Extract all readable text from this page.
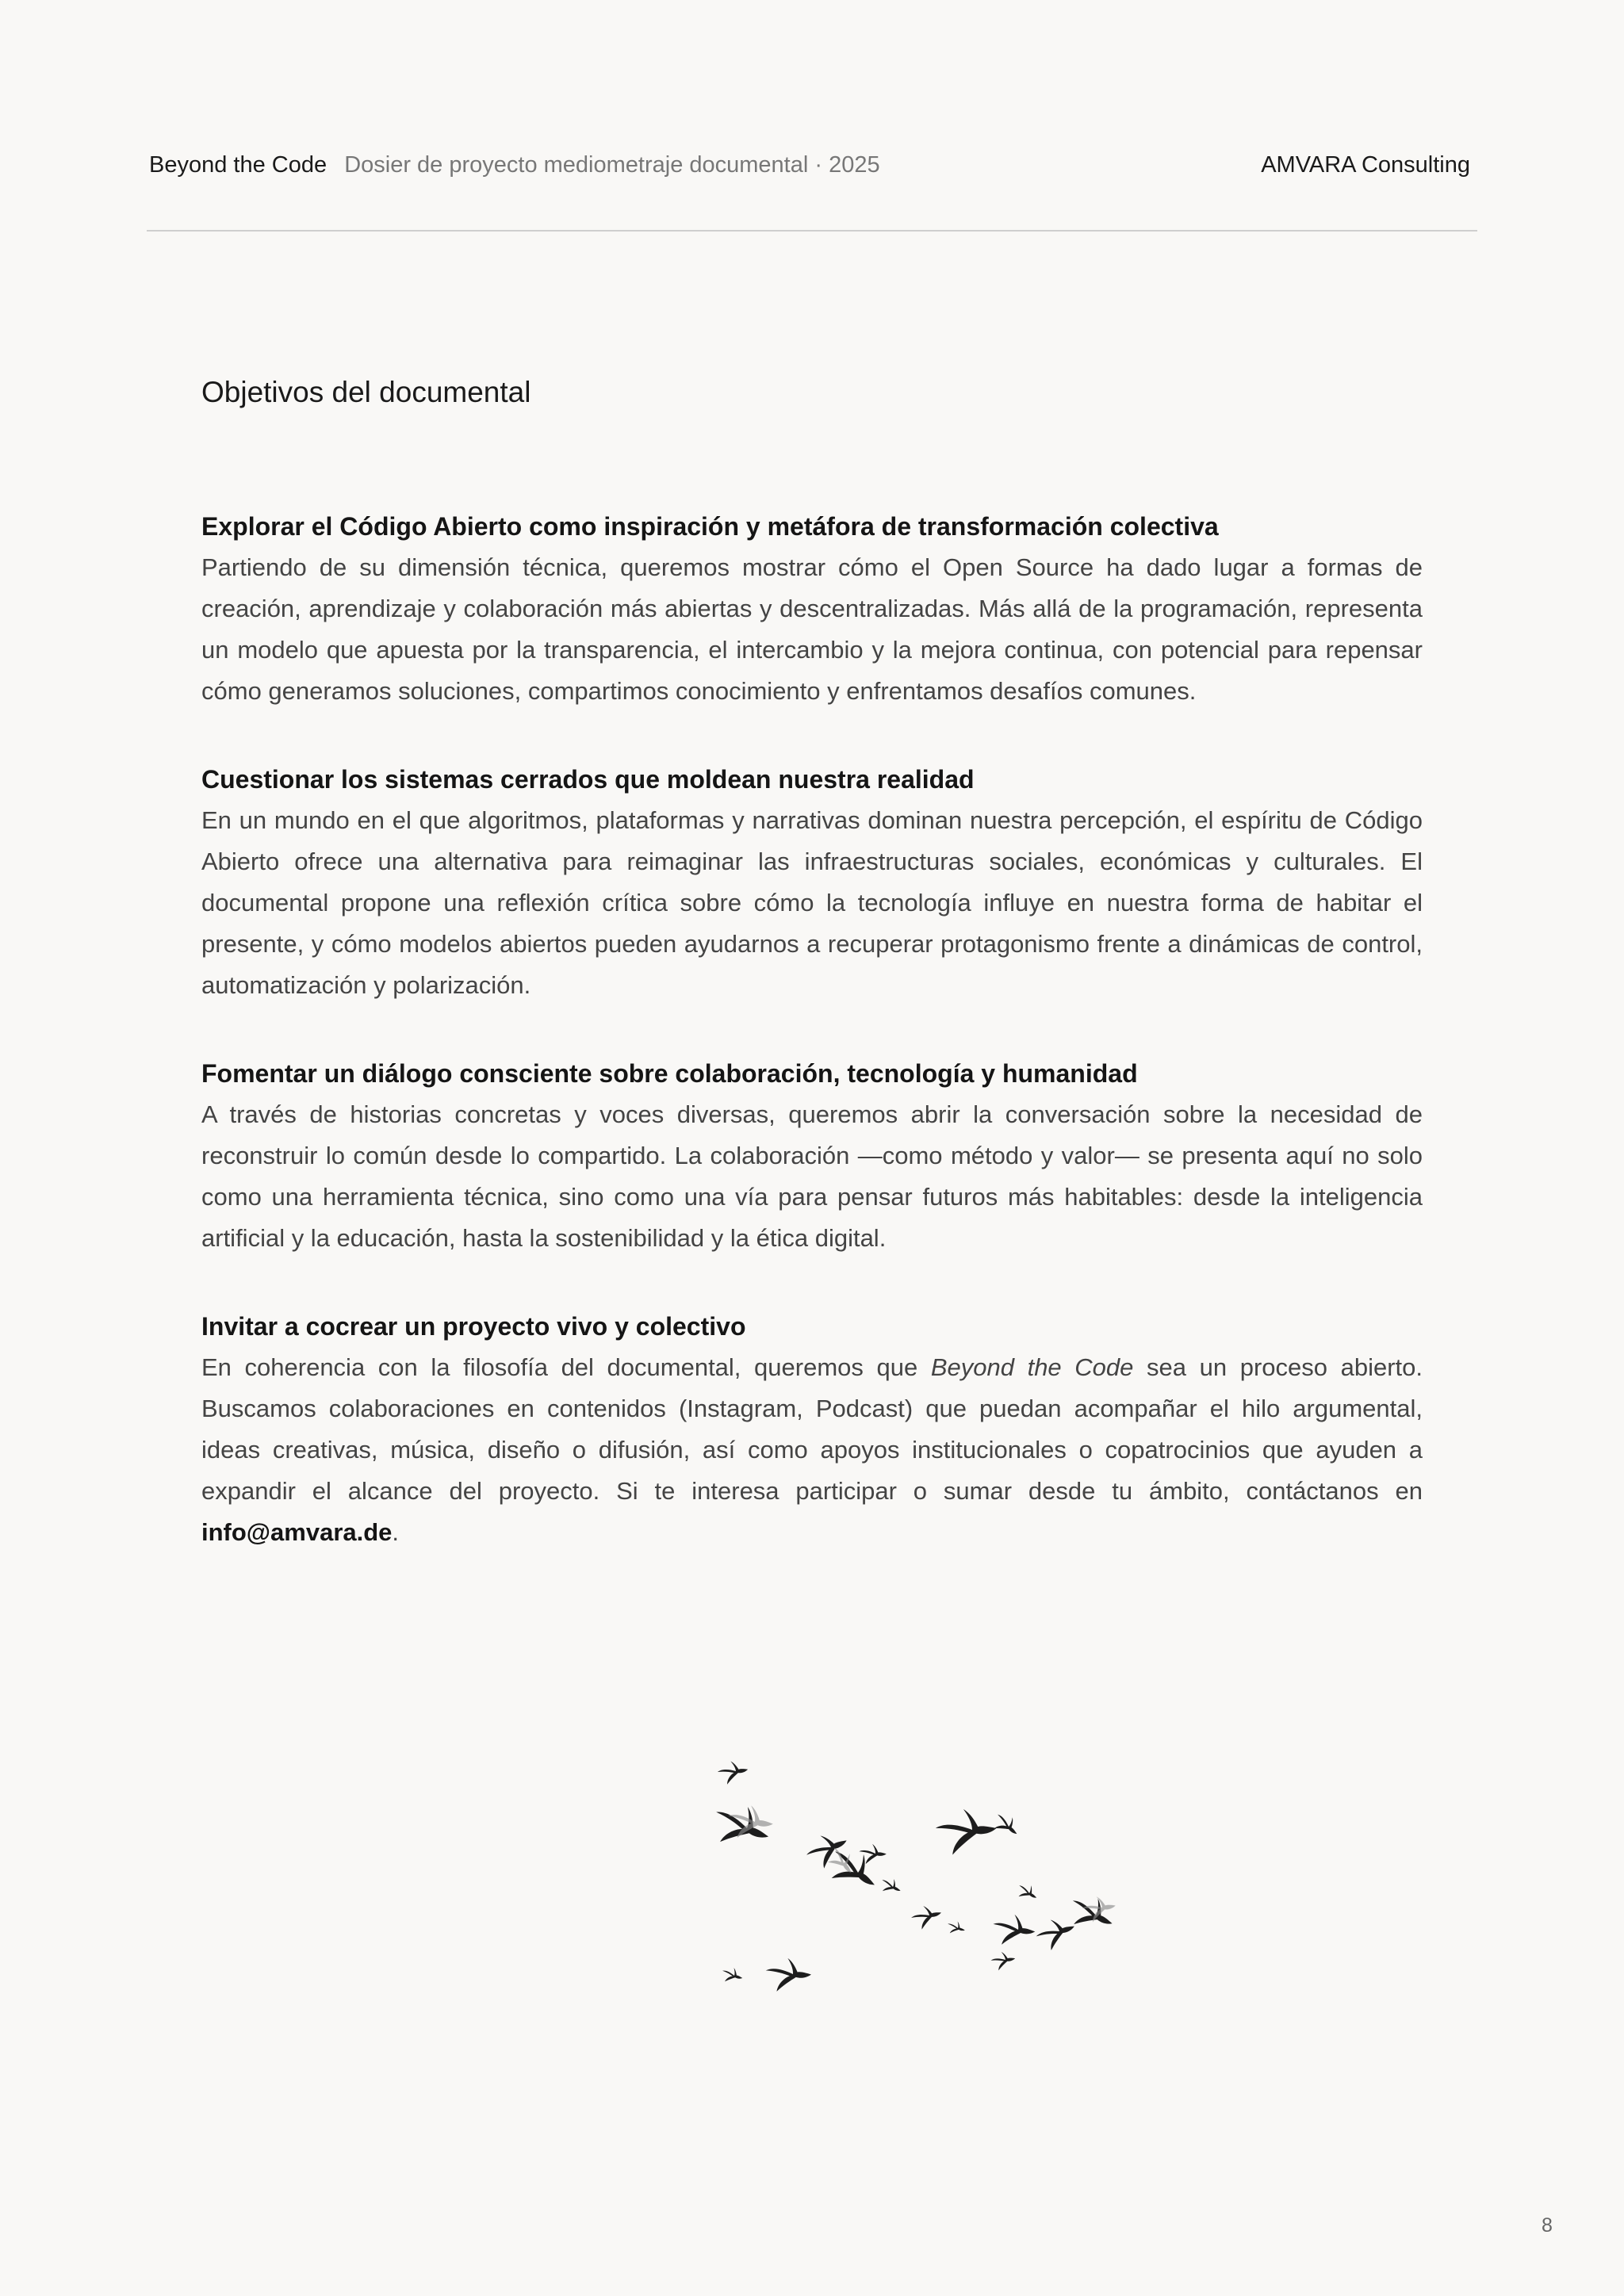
Beyond the Code Dosier de proyecto mediometraje documental · 2025	AMVARA Consulting
Objetivos del documental
Explorar el Código Abierto como inspiración y metáfora de transformación colectiva

Partiendo de su dimensión técnica, queremos mostrar cómo el Open Source ha dado lugar a formas de creación, aprendizaje y colaboración más abiertas y descentralizadas. Más allá de la programación, representa un modelo que apuesta por la transparencia, el intercambio y la mejora continua, con potencial para repensar cómo generamos soluciones, compartimos conocimiento y enfrentamos desafíos comunes.

Cuestionar los sistemas cerrados que moldean nuestra realidad

En un mundo en el que algoritmos, plataformas y narrativas dominan nuestra percepción, el espíritu de Código Abierto ofrece una alternativa para reimaginar las infraestructuras sociales, económicas y culturales. El documental propone una reflexión crítica sobre cómo la tecnología influye en nuestra forma de habitar el presente, y cómo modelos abiertos pueden ayudarnos a recuperar protagonismo frente a dinámicas de control, automatización y polarización.

Fomentar un diálogo consciente sobre colaboración, tecnología y humanidad

A través de historias concretas y voces diversas, queremos abrir la conversación sobre la necesidad de reconstruir lo común desde lo compartido. La colaboración —como método y valor— se presenta aquí no solo como una herramienta técnica, sino como una vía para pensar futuros más habitables: desde la inteligencia artificial y la educación, hasta la sostenibilidad y la ética digital.

Invitar a cocrear un proyecto vivo y colectivo

En coherencia con la filosofía del documental, queremos que Beyond the Code sea un proceso abierto. Buscamos colaboraciones en contenidos (Instagram, Podcast) que puedan acompañar el hilo argumental, ideas creativas, música, diseño o difusión, así como apoyos institucionales o copatrocinios que ayuden a expandir el alcance del proyecto. Si te interesa participar o sumar desde tu ámbito, contáctanos en info@amvara.de.

8
